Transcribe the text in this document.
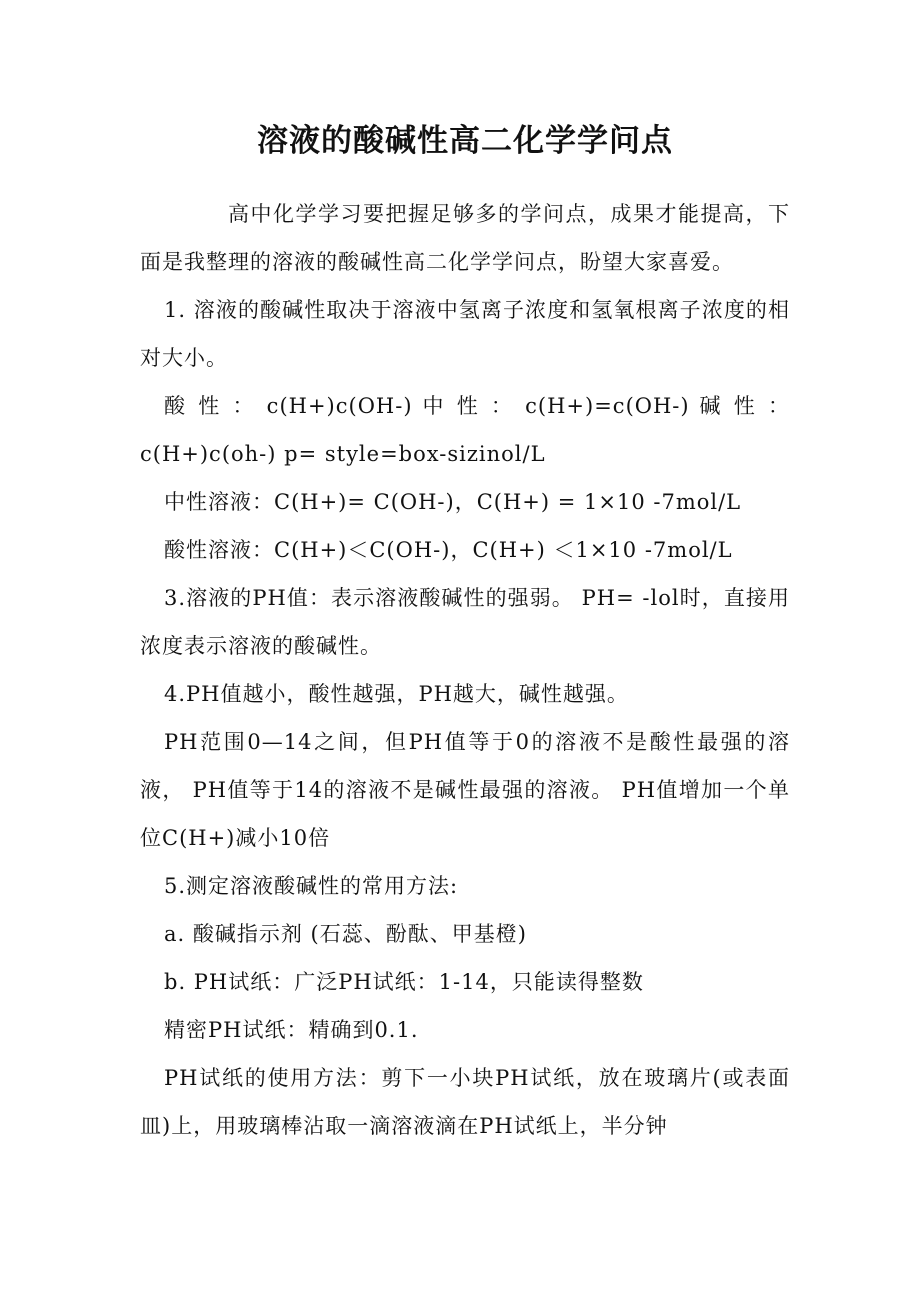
溶液的酸碱性高二化学学问点

高中化学学习要把握足够多的学问点，成果才能提高，下面是我整理的溶液的酸碱性高二化学学问点，盼望大家喜爱。

1. 溶液的酸碱性取决于溶液中氢离子浓度和氢氧根离子浓度的相对大小。

酸 性 ： c(H+)c(OH-) 中 性 ： c(H+)=c(OH-) 碱 性 ： c(H+)c(oh-) p= style=box-sizinol/L

中性溶液：C(H+)= C(OH-)，C(H+) = 1×10 -7mol/L

酸性溶液：C(H+)＜C(OH-)，C(H+) ＜1×10 -7mol/L

3.溶液的PH值：表示溶液酸碱性的强弱。 PH= -lol时，直接用浓度表示溶液的酸碱性。

4.PH值越小，酸性越强，PH越大，碱性越强。

PH范围0—14之间，但PH值等于0的溶液不是酸性最强的溶液， PH值等于14的溶液不是碱性最强的溶液。 PH值增加一个单位C(H+)减小10倍

5.测定溶液酸碱性的常用方法:

a. 酸碱指示剂 (石蕊、酚酞、甲基橙)

b. PH试纸：广泛PH试纸：1-14，只能读得整数

精密PH试纸：精确到0.1.

PH试纸的使用方法：剪下一小块PH试纸，放在玻璃片(或表面皿)上，用玻璃棒沾取一滴溶液滴在PH试纸上，半分钟
